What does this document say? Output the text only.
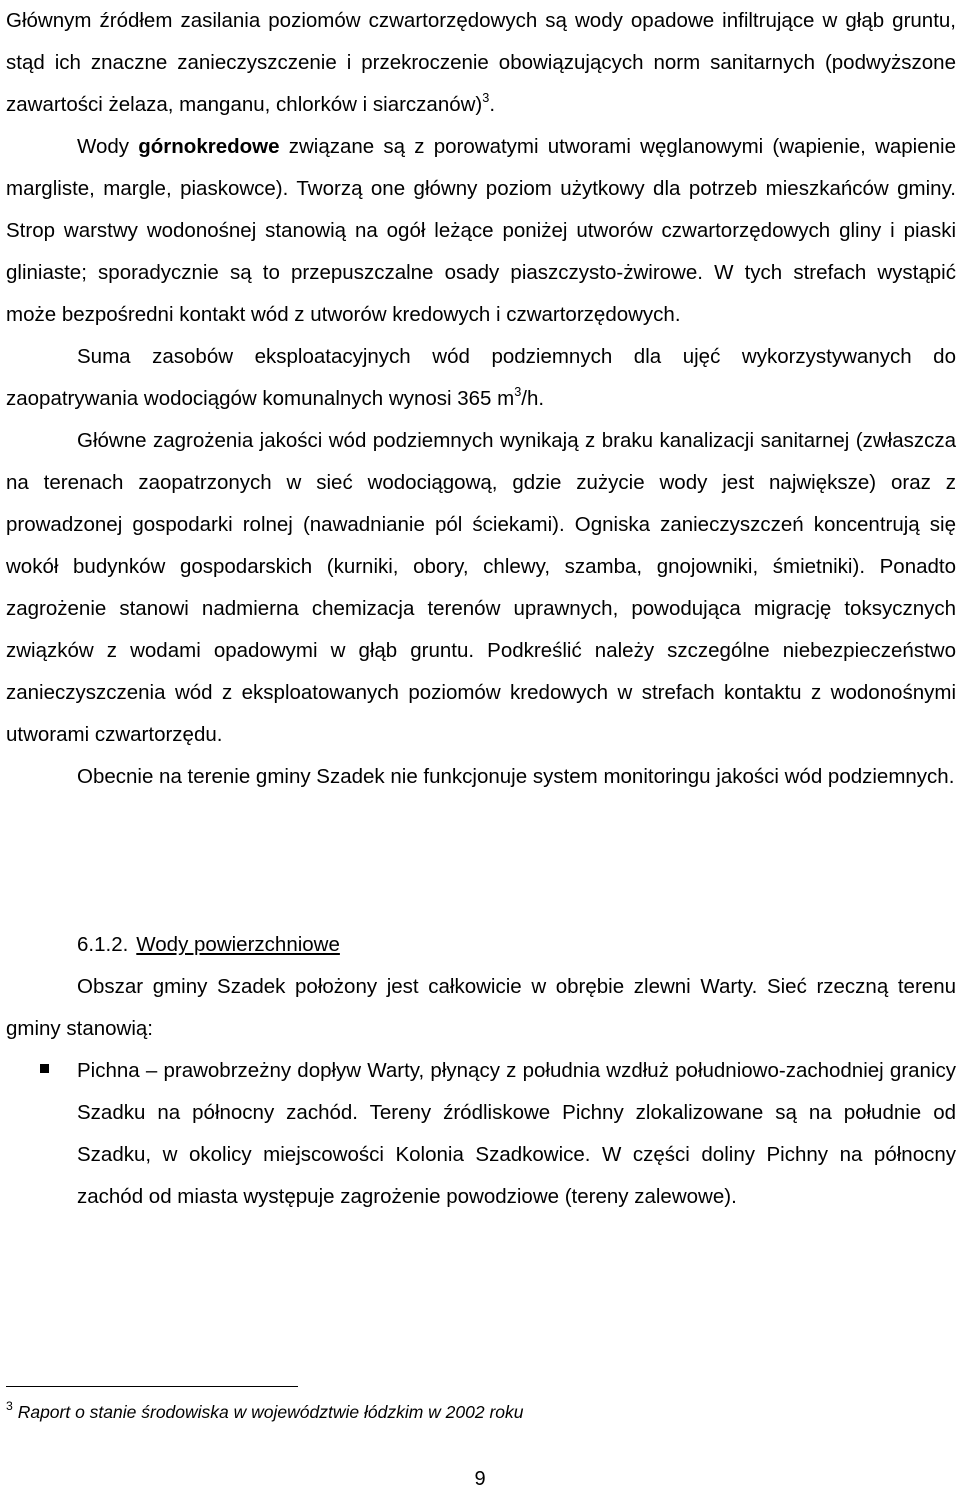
Głównym źródłem zasilania poziomów czwartorzędowych są wody opadowe infiltrujące w głąb gruntu, stąd ich znaczne zanieczyszczenie i przekroczenie obowiązujących norm sanitarnych (podwyższone zawartości żelaza, manganu, chlorków i siarczanów)$^3$.

Wody górnokredowe związane są z porowatymi utworami węglanowymi (wapienie, wapienie margliste, margle, piaskowce). Tworzą one główny poziom użytkowy dla potrzeb mieszkańców gminy. Strop warstwy wodonośnej stanowią na ogół leżące poniżej utworów czwartorzędowych gliny i piaski gliniaste; sporadycznie są to przepuszczalne osady piaszczysto-żwirowe. W tych strefach wystąpić może bezpośredni kontakt wód z utworów kredowych i czwartorzędowych.

Suma zasobów eksploatacyjnych wód podziemnych dla ujęć wykorzystywanych do zaopatrywania wodociągów komunalnych wynosi 365 $m^3/h$.

Główne zagrożenia jakości wód podziemnych wynikają z braku kanalizacji sanitarnej (zwłaszcza na terenach zaopatrzonych w sieć wodociągową, gdzie zużycie wody jest największe) oraz z prowadzonej gospodarki rolnej (nawadnianie pól ściekami). Ogniska zanieczyszczeń koncentrują się wokół budynków gospodarskich (kurniki, obory, chlewy, szamba, gnojowniki, śmietniki). Ponadto zagrożenie stanowi nadmierna chemizacja terenów uprawnych, powodująca migrację toksycznych związków z wodami opadowymi w głąb gruntu. Podkreślić należy szczególne niebezpieczeństwo zanieczyszczenia wód z eksploatowanych poziomów kredowych w strefach kontaktu z wodonośnymi utworami czwartorzędu.

Obecnie na terenie gminy Szadek nie funkcjonuje system monitoringu jakości wód podziemnych.

6.1.2. Wody powierzchniowe

Obszar gminy Szadek położony jest całkowicie w obrębie zlewni Warty. Sieć rzeczną terenu gminy stanowią:

Pichna – prawobrzeżny dopływ Warty, płynący z południa wzdłuż południowo-zachodniej granicy Szadku na północny zachód. Tereny źródliskowe Pichny zlokalizowane są na południe od Szadku, w okolicy miejscowości Kolonia Szadkowice. W części doliny Pichny na północny zachód od miasta występuje zagrożenie powodziowe (tereny zalewowe).

$^3$ Raport o stanie środowiska w województwie łódzkim w 2002 roku
9
